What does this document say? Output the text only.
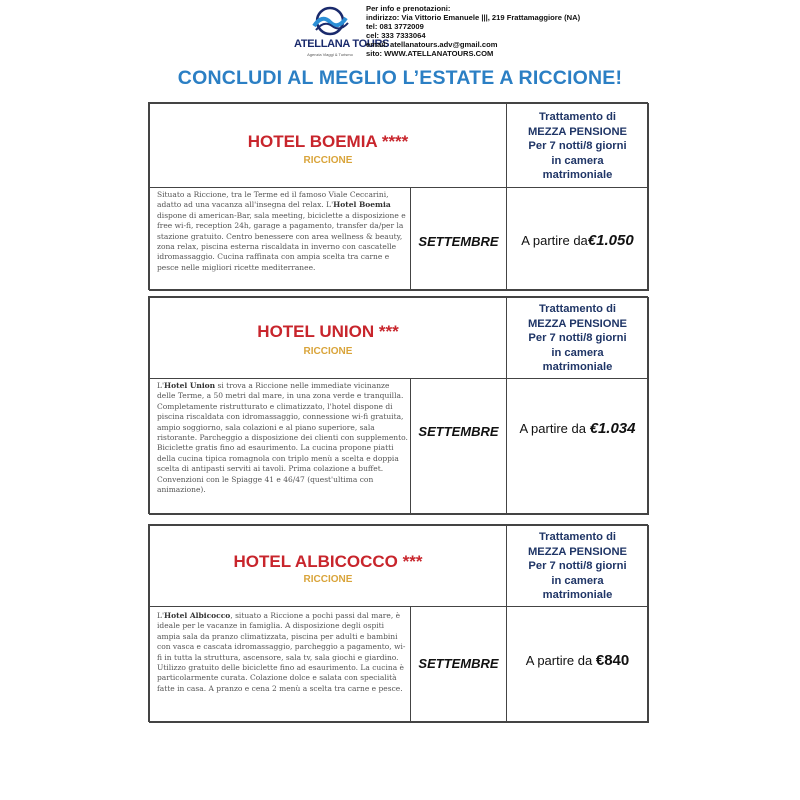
ATELLANA TOURS
Agenzia Viaggi & Turismo
Per info e prenotazioni:
indirizzo: Via Vittorio Emanuele |||, 219 Frattamaggiore (NA)
tel: 081 3772009
cel: 333 7333064
email: atellanatours.adv@gmail.com
sito: WWW.ATELLANATOURS.COM
CONCLUDI AL MEGLIO L’ESTATE A RICCIONE!
HOTEL BOEMIA ****
RICCIONE
Trattamento di
MEZZA PENSIONE
Per 7 notti/8 giorni
in camera
matrimoniale
Situato a Riccione, tra le Terme ed il famoso Viale Ceccarini, adatto ad una vacanza all'insegna del relax. L'Hotel Boemia dispone di american-Bar, sala meeting, biciclette a disposizione e free wi-fi, reception 24h, garage a pagamento, transfer da/per la stazione gratuito. Centro benessere con area wellness & beauty, zona relax, piscina esterna riscaldata in inverno con cascatelle idromassaggio. Cucina raffinata con ampia scelta tra carne e pesce nelle migliori ricette mediterranee.
SETTEMBRE	A partire da€1.050
HOTEL UNION ***
RICCIONE
Trattamento di
MEZZA PENSIONE
Per 7 notti/8 giorni
in camera
matrimoniale
L'Hotel Union si trova a Riccione nelle immediate vicinanze delle Terme, a 50 metri dal mare, in una zona verde e tranquilla. Completamente ristrutturato e climatizzato, l'hotel dispone di piscina riscaldata con idromassaggio, connessione wi-fi gratuita, ampio soggiorno, sala colazioni e al piano superiore, sala ristorante. Parcheggio a disposizione dei clienti con supplemento. Biciclette gratis fino ad esaurimento. La cucina propone piatti della cucina tipica romagnola con triplo menù a scelta e doppia scelta di antipasti serviti ai tavoli. Prima colazione a buffet. Convenzioni con le Spiagge 41 e 46/47 (quest'ultima con animazione).
SETTEMBRE	A partire da €1.034
HOTEL ALBICOCCO ***
RICCIONE
Trattamento di
MEZZA PENSIONE
Per 7 notti/8 giorni
in camera
matrimoniale
L'Hotel Albicocco, situato a Riccione a pochi passi dal mare, è ideale per le vacanze in famiglia. A disposizione degli ospiti ampia sala da pranzo climatizzata, piscina per adulti e bambini con vasca e cascata idromassaggio, parcheggio a pagamento, wi-fi in tutta la struttura, ascensore, sala tv, sala giochi e giardino. Utilizzo gratuito delle biciclette fino ad esaurimento. La cucina è particolarmente curata. Colazione dolce e salata con specialità fatte in casa. A pranzo e cena 2 menù a scelta tra carne e pesce.
SETTEMBRE	A partire da €840
